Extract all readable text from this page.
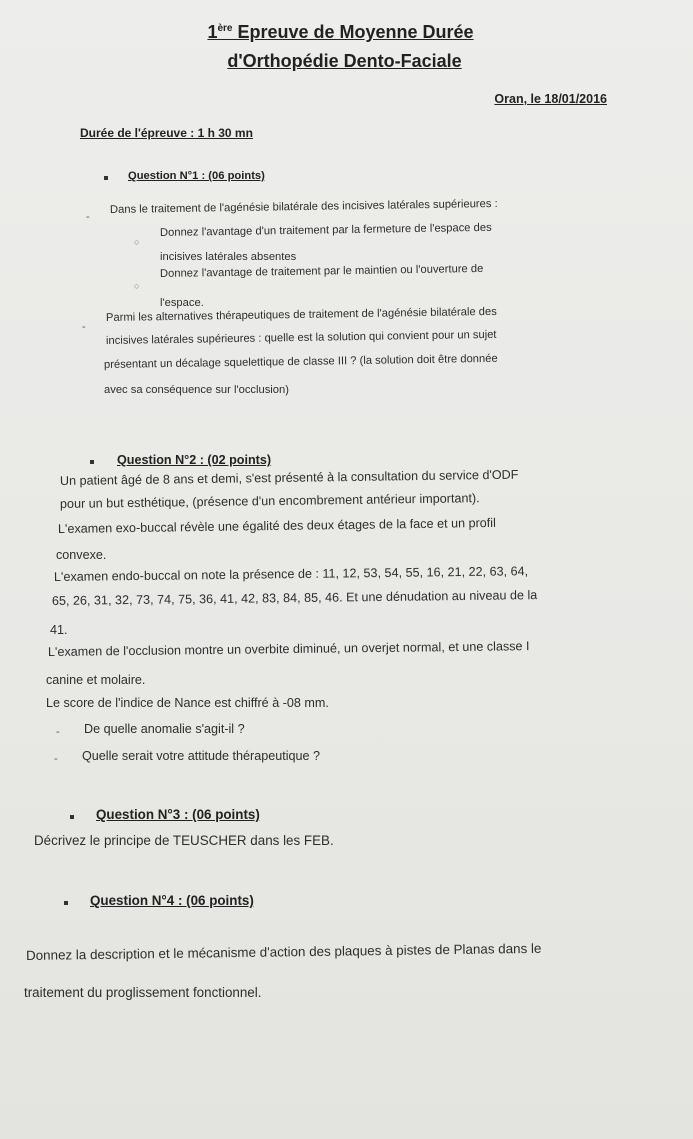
1ère Epreuve de Moyenne Durée
d'Orthopédie Dento-Faciale
Oran, le 18/01/2016
Durée de l'épreuve : 1 h 30 mn
Question N°1 : (06 points)
-
Dans le traitement de l'agénésie bilatérale des incisives latérales supérieures :
○
Donnez l'avantage d'un traitement par la fermeture de l'espace des
incisives latérales absentes
○
Donnez l'avantage de traitement par le maintien ou l'ouverture de
l'espace.
-
Parmi les alternatives thérapeutiques de traitement de l'agénésie bilatérale des
incisives latérales supérieures : quelle est la solution qui convient pour un sujet
présentant un décalage squelettique de classe III ? (la solution doit être donnée
avec sa conséquence sur l'occlusion)
Question N°2 : (02 points)
Un patient âgé de 8 ans et demi, s'est présenté à la consultation du service d'ODF
pour un but esthétique, (présence d'un encombrement antérieur important).
L'examen exo-buccal révèle une égalité des deux étages de la face et un profil
convexe.
L'examen endo-buccal on note la présence de : 11, 12, 53, 54, 55, 16, 21, 22, 63, 64,
65, 26, 31, 32, 73, 74, 75, 36, 41, 42, 83, 84, 85, 46. Et une dénudation au niveau de la
41.
L'examen de l'occlusion montre un overbite diminué, un overjet normal, et une classe I
canine et molaire.
Le score de l'indice de Nance est chiffré à -08 mm.
- De quelle anomalie s'agit-il ?
- Quelle serait votre attitude thérapeutique ?
Question N°3 : (06 points)
Décrivez le principe de TEUSCHER dans les FEB.
Question N°4 : (06 points)
Donnez la description et le mécanisme d'action des plaques à pistes de Planas dans le
traitement du proglissement fonctionnel.
